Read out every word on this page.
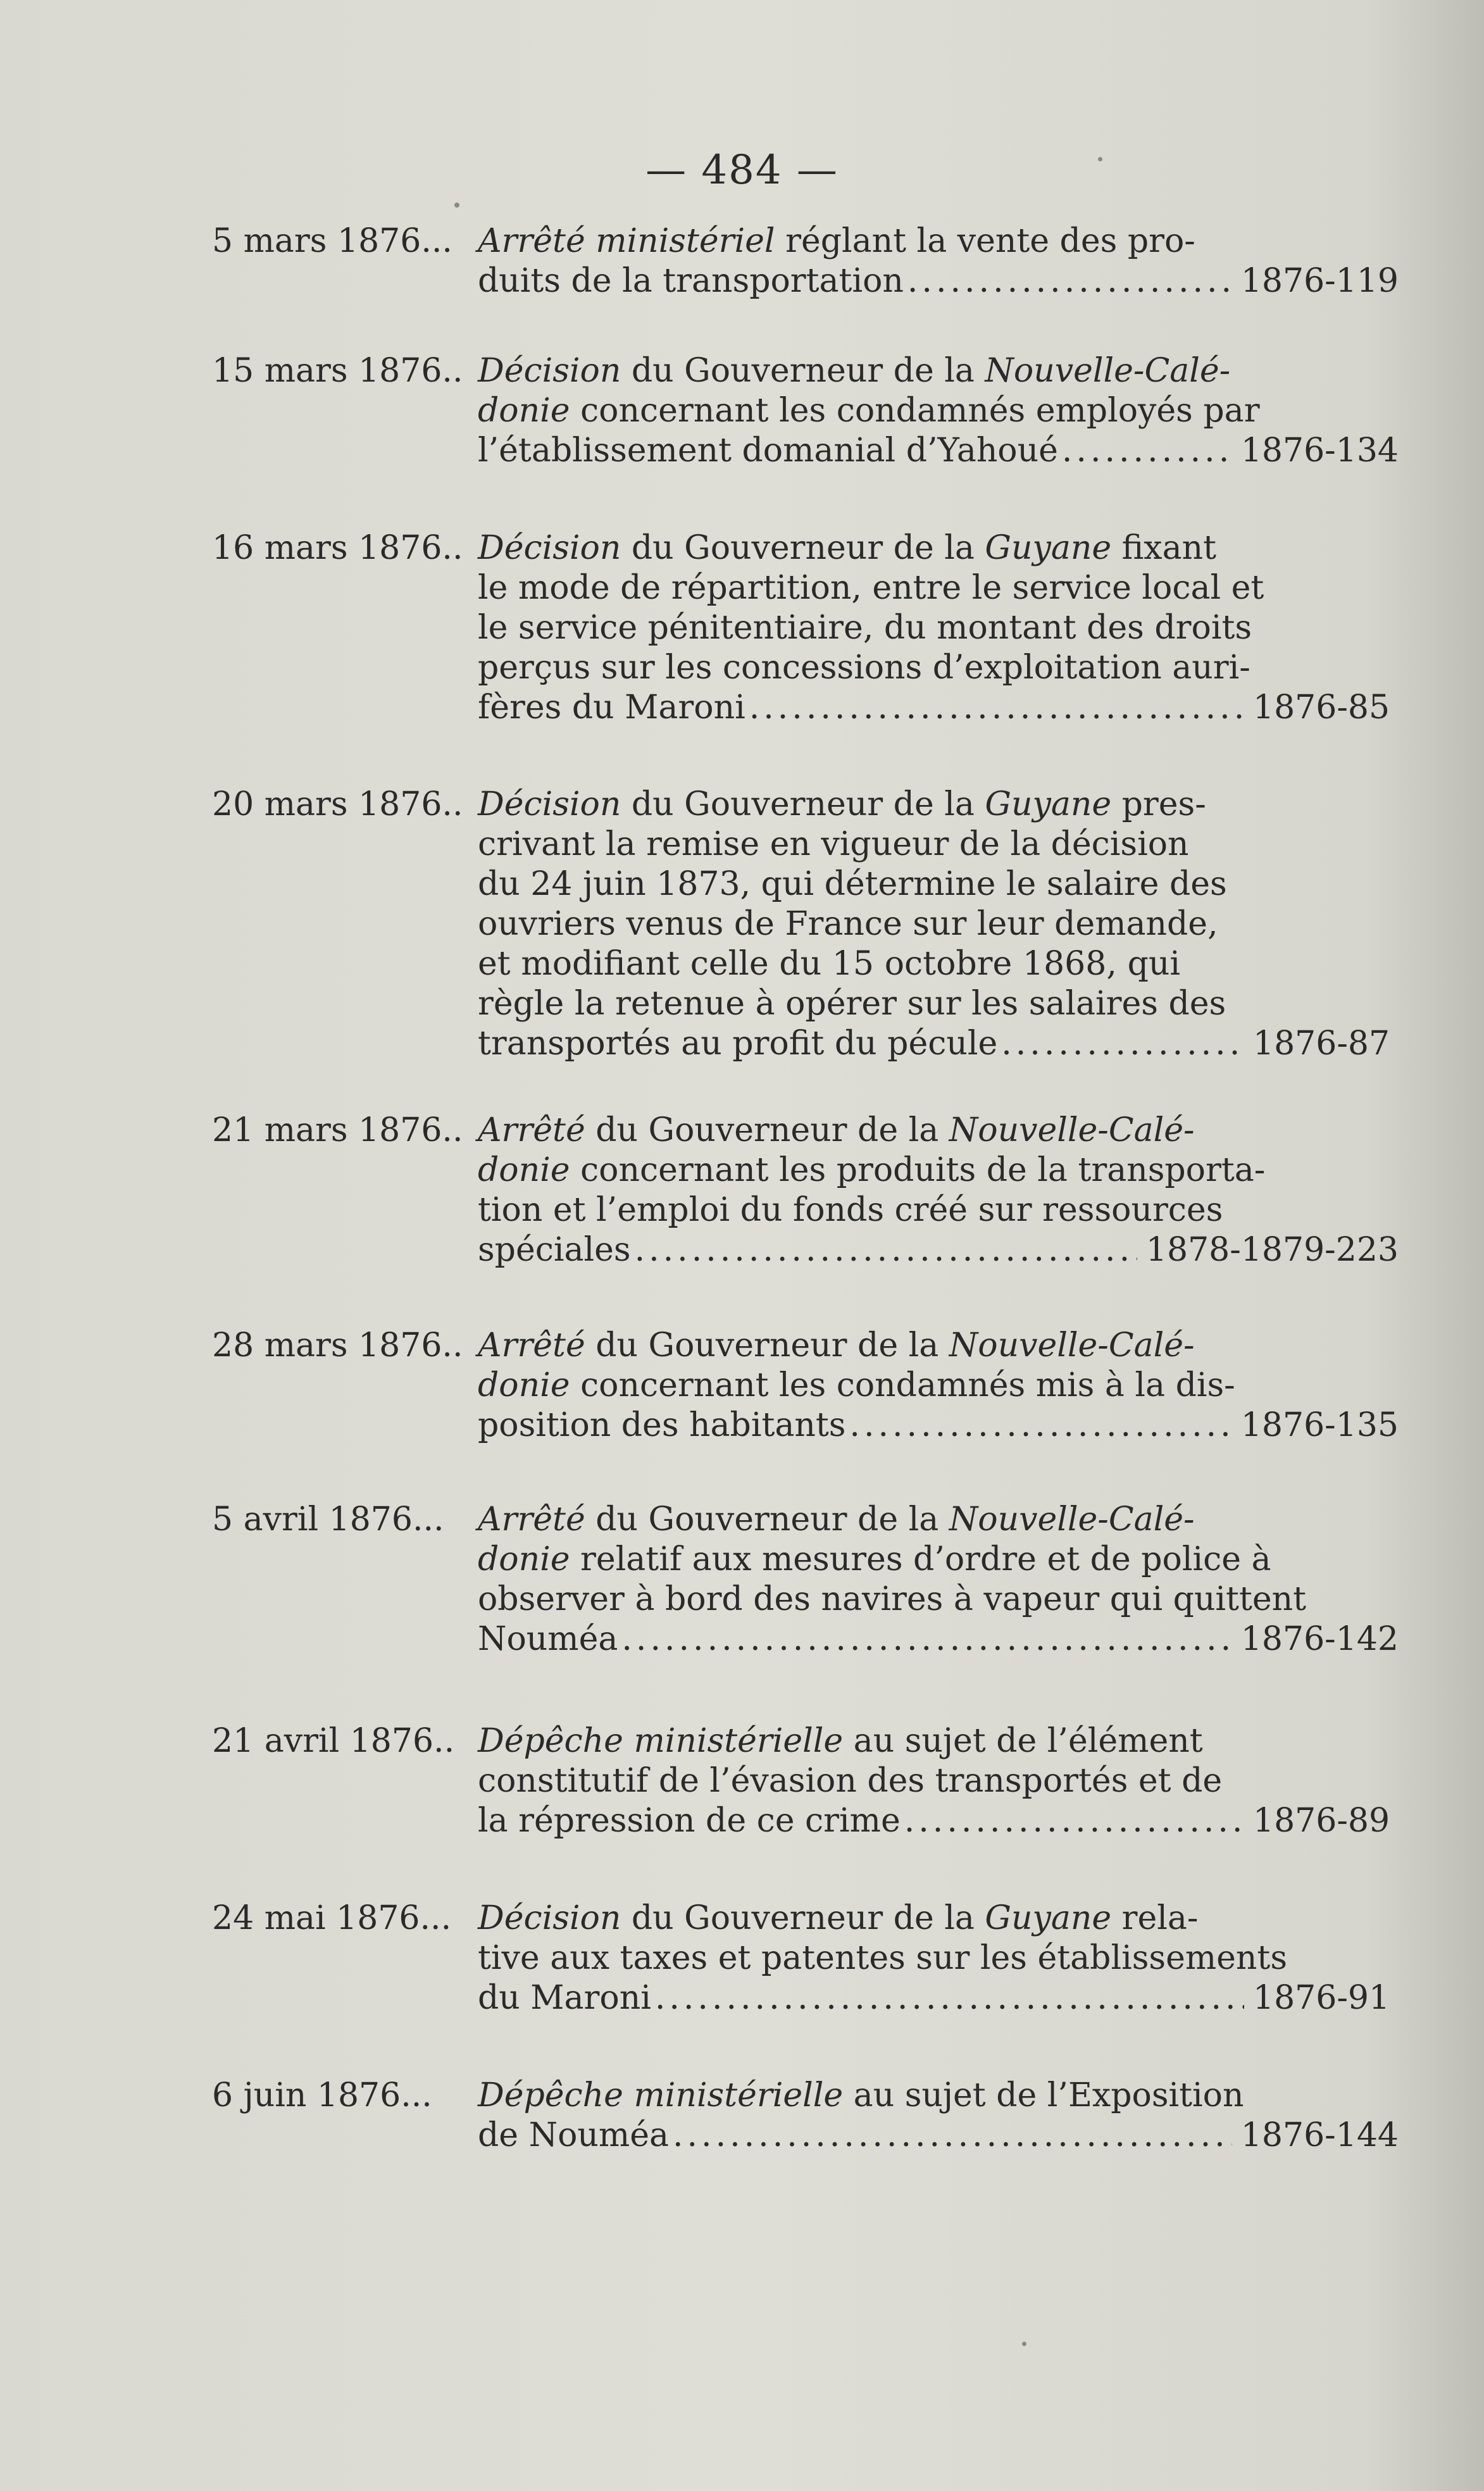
— 484 —
5 mars 1876... Arrêté ministériel réglant la vente des pro-
duits de la transportation .....	1876-119
15 mars 1876.. Décision du Gouverneur de la Nouvelle-Calé-
donie concernant les condamnés employés par
l’établissement domanial d’Yahoué .....	1876-134
16 mars 1876.. Décision du Gouverneur de la Guyane fixant
le mode de répartition, entre le service local et
le service pénitentiaire, du montant des droits
perçus sur les concessions d’exploitation auri-
fères du Maroni .....	1876-85
20 mars 1876.. Décision du Gouverneur de la Guyane pres-
crivant la remise en vigueur de la décision
du 24 juin 1873, qui détermine le salaire des
ouvriers venus de France sur leur demande,
et modifiant celle du 15 octobre 1868, qui
règle la retenue à opérer sur les salaires des
transportés au profit du pécule .....	1876-87
21 mars 1876.. Arrêté du Gouverneur de la Nouvelle-Calé-
donie concernant les produits de la transporta-
tion et l’emploi du fonds créé sur ressources
spéciales .....	1878-1879-223
28 mars 1876.. Arrêté du Gouverneur de la Nouvelle-Calé-
donie concernant les condamnés mis à la dis-
position des habitants .....	1876-135
5 avril 1876...	Arrêté du Gouverneur de la Nouvelle-Calé-
donie relatif aux mesures d’ordre et de police à
observer à bord des navires à vapeur qui quittent
Nouméa .....	1876-142
21 avril 1876.. Dépêche ministérielle au sujet de l’élément
constitutif de l’évasion des transportés et de
la répression de ce crime .....	1876-89
24 mai 1876... Décision du Gouverneur de la Guyane rela-
tive aux taxes et patentes sur les établissements
du Maroni .....	1876-91
6 juin 1876...	Dépêche ministérielle au sujet de l’Exposition
de Nouméa .....	1876-144
